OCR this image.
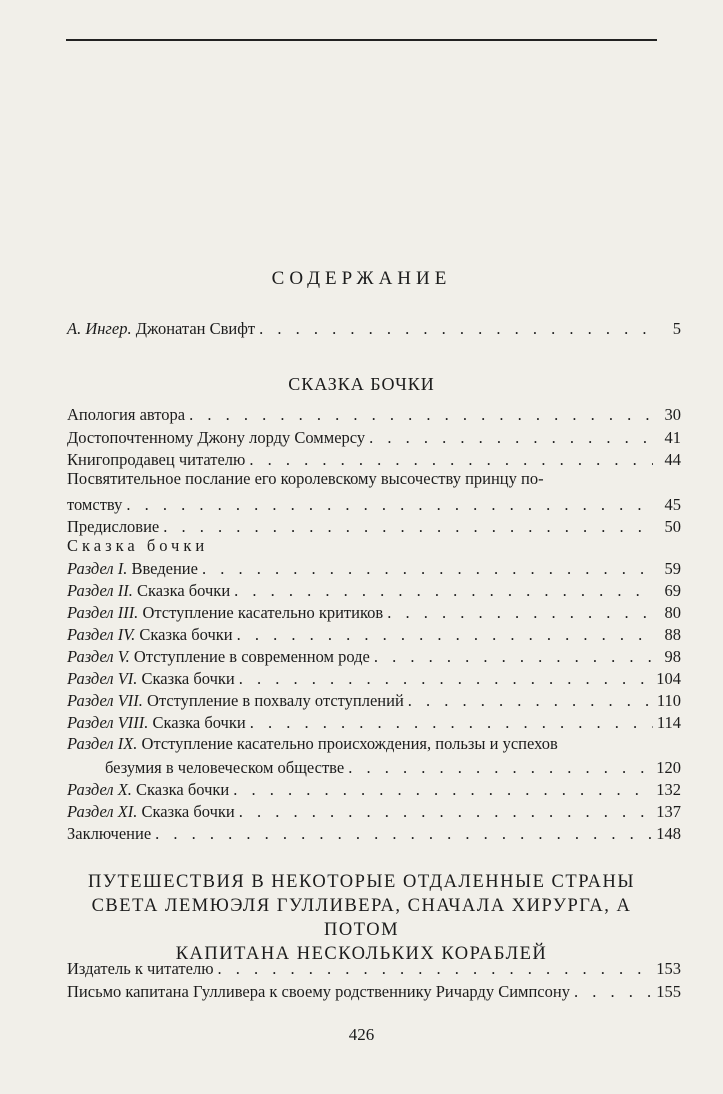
СОДЕРЖАНИЕ
А. Ингер. Джонатан Свифт . . .	5
СКАЗКА БОЧКИ
Апология автора . . .	30
Достопочтенному Джону лорду Соммерсу . . .	41
Книгопродавец читателю . . .	44
Посвятительное послание его королевскому высочеству принцу по-
томству . . .	45
Предисловие . . .	50
Сказка бочки
Раздел I. Введение . . .	59
Раздел II. Сказка бочки . . .	69
Раздел III. Отступление касательно критиков . . .	80
Раздел IV. Сказка бочки . . .	88
Раздел V. Отступление в современном роде . . .	98
Раздел VI. Сказка бочки . . .	104
Раздел VII. Отступление в похвалу отступлений . . .	110
Раздел VIII. Сказка бочки . . .	114
Раздел IX. Отступление касательно происхождения, пользы и успехов
безумия в человеческом обществе . . .	120
Раздел X. Сказка бочки . . .	132
Раздел XI. Сказка бочки . . .	137
Заключение . . .	148
ПУТЕШЕСТВИЯ В НЕКОТОРЫЕ ОТДАЛЕННЫЕ СТРАНЫ
СВЕТА ЛЕМЮЭЛЯ ГУЛЛИВЕРА, СНАЧАЛА ХИРУРГА, А ПОТОМ
КАПИТАНА НЕСКОЛЬКИХ КОРАБЛЕЙ
Издатель к читателю . . .	153
Письмо капитана Гулливера к своему родственнику Ричарду Симпсону . . .	155
426
